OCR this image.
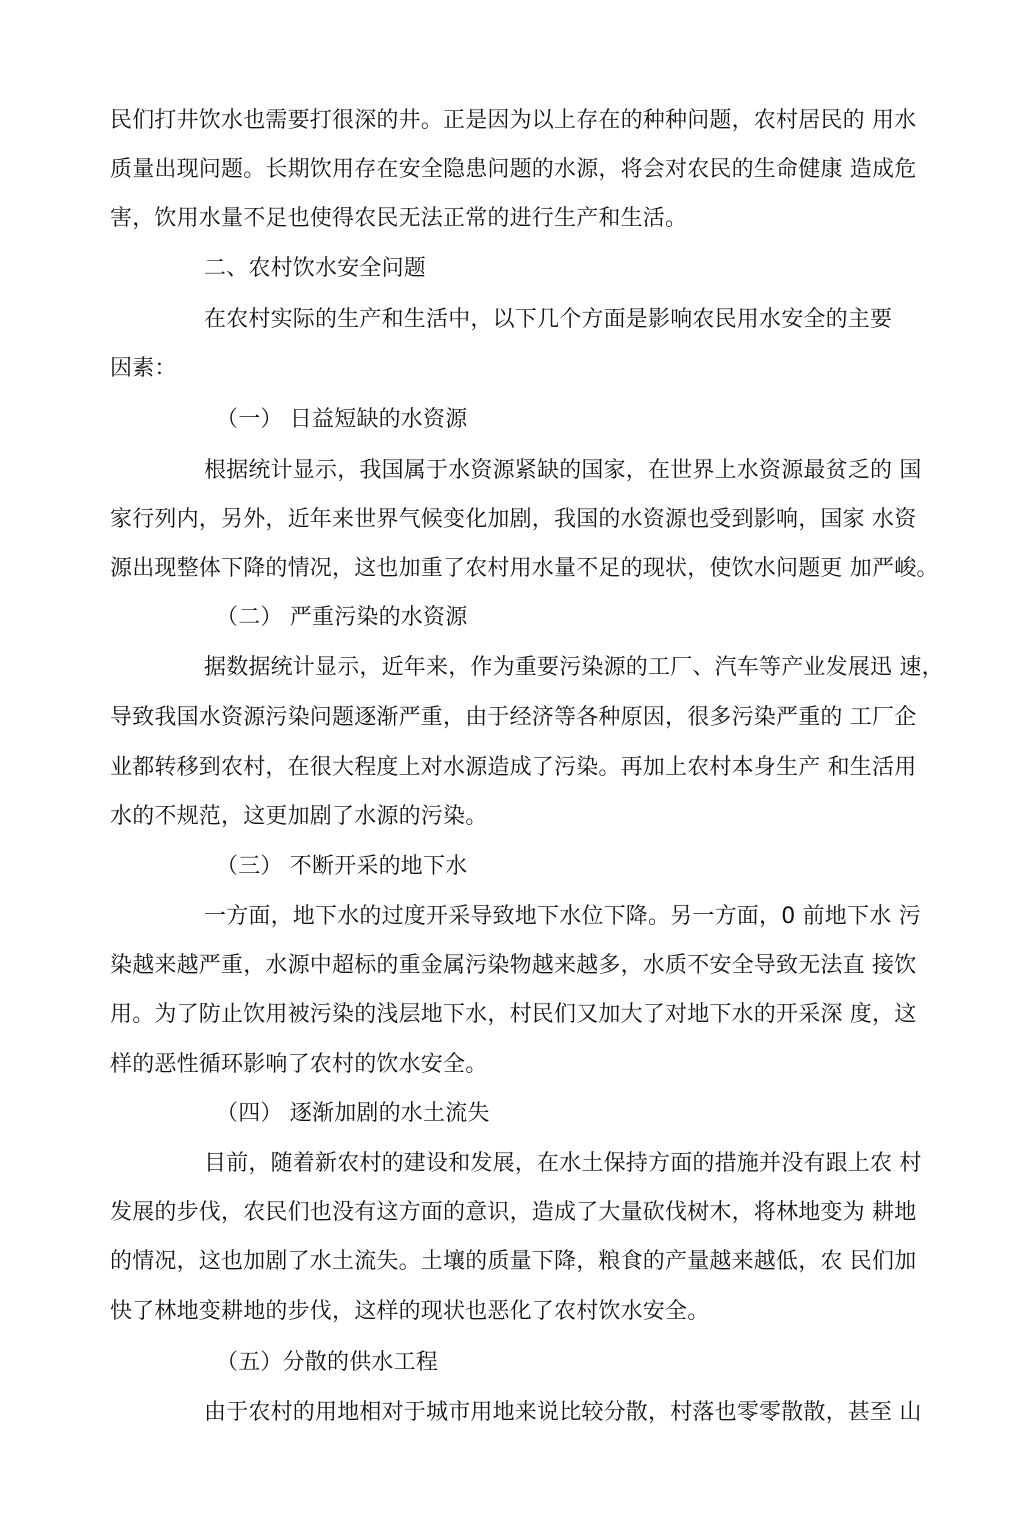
民们打井饮水也需要打很深的井。正是因为以上存在的种种问题，农村居民的 用水
质量出现问题。长期饮用存在安全隐患问题的水源，将会对农民的生命健康 造成危
害，饮用水量不足也使得农民无法正常的进行生产和生活。
二、农村饮水安全问题
在农村实际的生产和生活中，以下几个方面是影响农民用水安全的主要
因素：
（一） 日益短缺的水资源
根据统计显示，我国属于水资源紧缺的国家，在世界上水资源最贫乏的 国
家行列内，另外，近年来世界气候变化加剧，我国的水资源也受到影响，国家 水资
源出现整体下降的情况，这也加重了农村用水量不足的现状，使饮水问题更 加严峻。
（二） 严重污染的水资源
据数据统计显示，近年来，作为重要污染源的工厂、汽车等产业发展迅 速，
导致我国水资源污染问题逐渐严重，由于经济等各种原因，很多污染严重的 工厂企
业都转移到农村，在很大程度上对水源造成了污染。再加上农村本身生产 和生活用
水的不规范，这更加剧了水源的污染。
（三） 不断开采的地下水
一方面，地下水的过度开采导致地下水位下降。另一方面，0 前地下水 污
染越来越严重，水源中超标的重金属污染物越来越多，水质不安全导致无法直 接饮
用。为了防止饮用被污染的浅层地下水，村民们又加大了对地下水的开采深 度，这
样的恶性循环影响了农村的饮水安全。
（四） 逐渐加剧的水土流失
目前，随着新农村的建设和发展，在水土保持方面的措施并没有跟上农 村
发展的步伐，农民们也没有这方面的意识，造成了大量砍伐树木，将林地变为 耕地
的情况，这也加剧了水土流失。土壤的质量下降，粮食的产量越来越低，农 民们加
快了林地变耕地的步伐，这样的现状也恶化了农村饮水安全。
（五）分散的供水工程
由于农村的用地相对于城市用地来说比较分散，村落也零零散散，甚至 山
